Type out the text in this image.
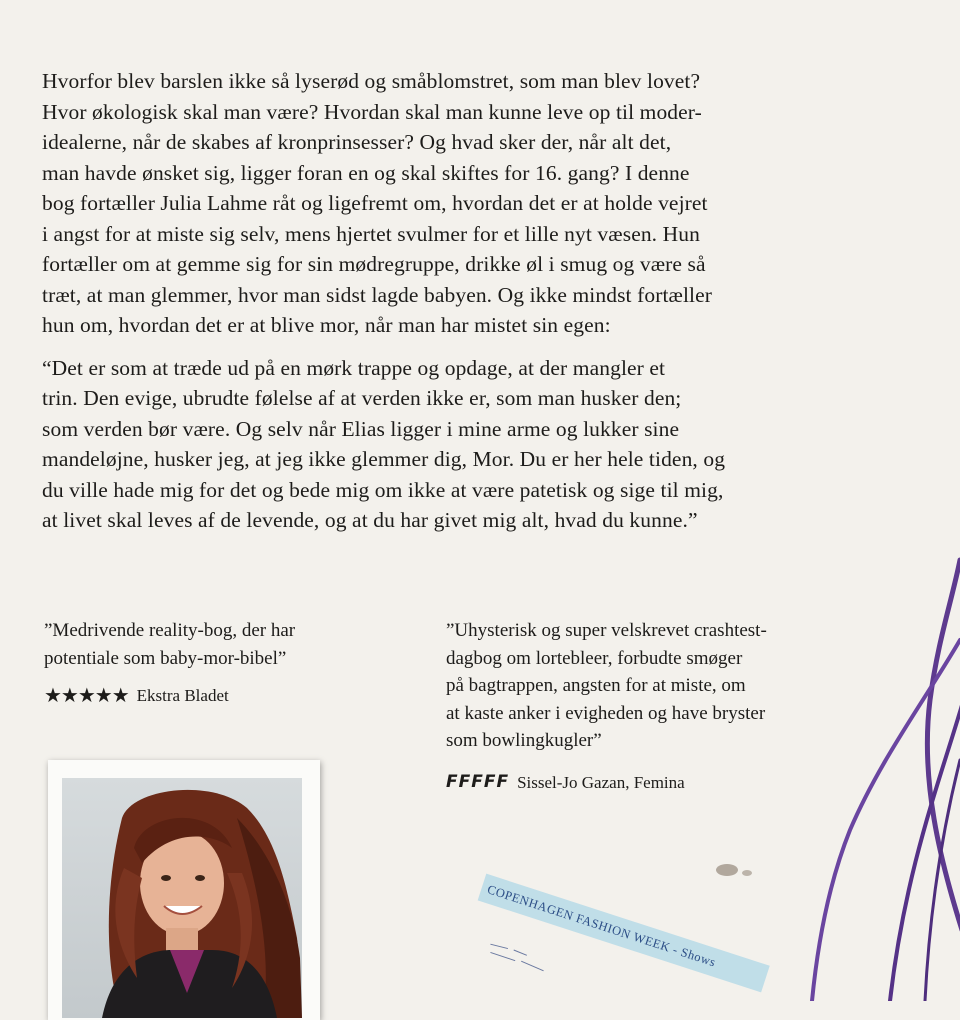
Hvorfor blev barslen ikke så lyserød og småblomstret, som man blev lovet?
Hvor økologisk skal man være? Hvordan skal man kunne leve op til moder-
idealerne, når de skabes af kronprinsesser? Og hvad sker der, når alt det,
man havde ønsket sig, ligger foran en og skal skiftes for 16. gang? I denne
bog fortæller Julia Lahme råt og ligefremt om, hvordan det er at holde vejret
i angst for at miste sig selv, mens hjertet svulmer for et lille nyt væsen. Hun
fortæller om at gemme sig for sin mødregruppe, drikke øl i smug og være så
træt, at man glemmer, hvor man sidst lagde babyen. Og ikke mindst fortæller
hun om, hvordan det er at blive mor, når man har mistet sin egen:

“Det er som at træde ud på en mørk trappe og opdage, at der mangler et
trin. Den evige, ubrudte følelse af at verden ikke er, som man husker den;
som verden bør være. Og selv når Elias ligger i mine arme og lukker sine
mandeløjne, husker jeg, at jeg ikke glemmer dig, Mor. Du er her hele tiden, og
du ville hade mig for det og bede mig om ikke at være patetisk og sige til mig,
at livet skal leves af de levende, og at du har givet mig alt, hvad du kunne.”

”Medrivende reality-bog, der har
potentiale som baby-mor-bibel”
★★★★★ Ekstra Bladet
”Uhysterisk og super velskrevet crashtest-
dagbog om lortebleer, forbudte smøger
på bagtrappen, angsten for at miste, om
at kaste anker i evigheden og have bryster
som bowlingkugler”
FFFFF Sissel-Jo Gazan, Femina
COPENHAGEN FASHION WEEK - Shows
